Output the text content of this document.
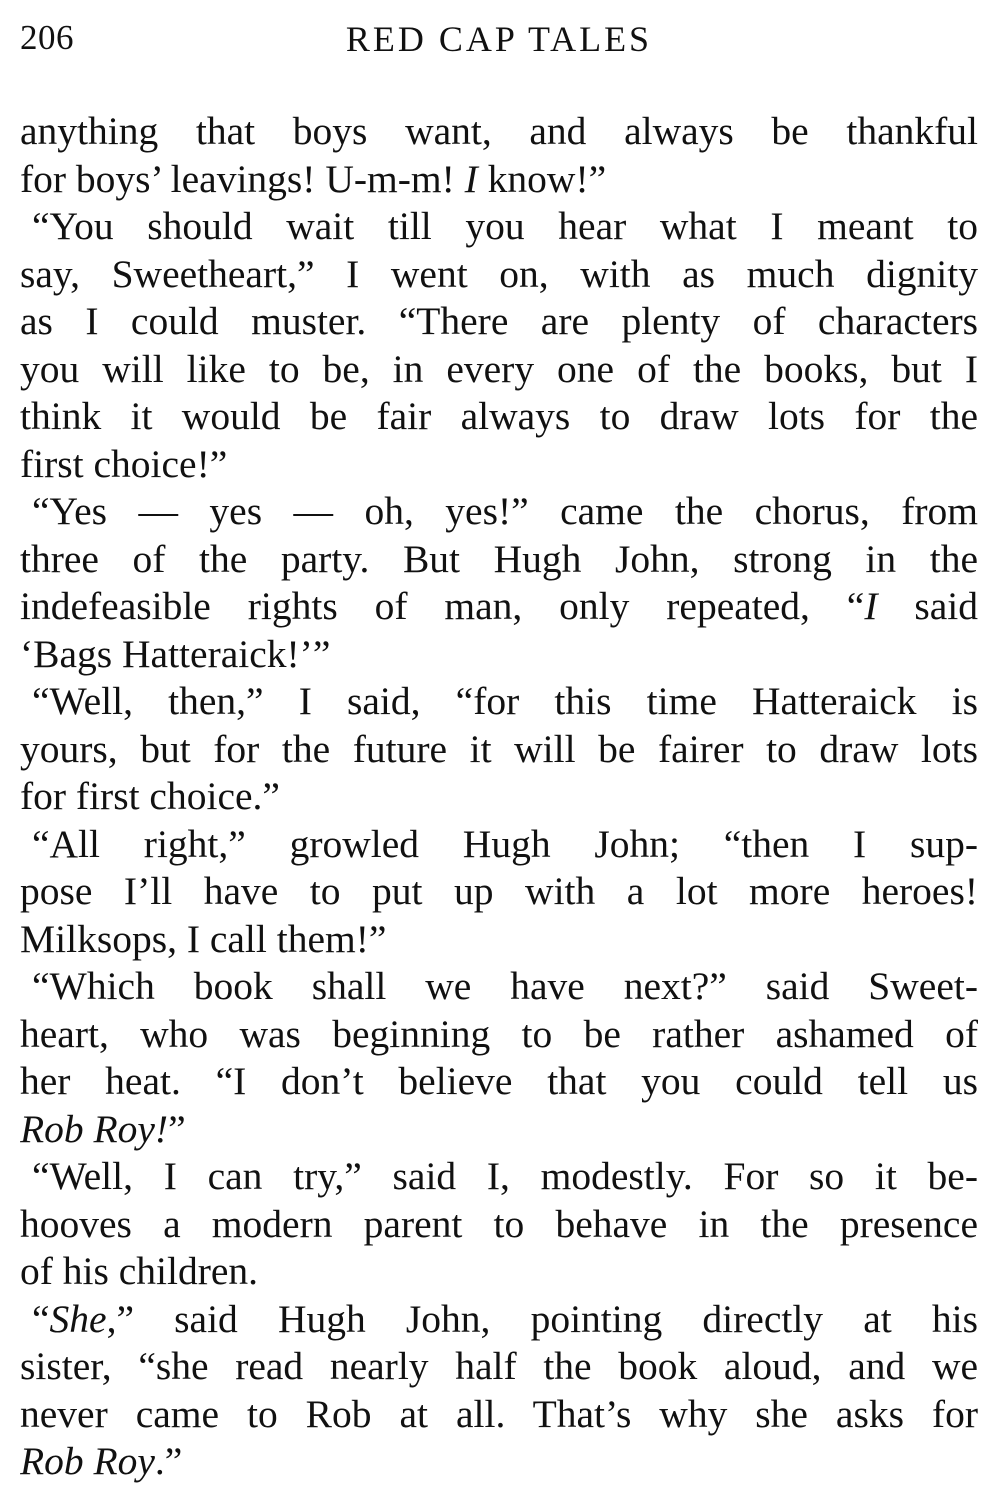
206	RED CAP TALES
anything that boys want, and always be thankful
for boys’ leavings! U-m-m! I know!”
“You should wait till you hear what I meant to
say, Sweetheart,” I went on, with as much dignity
as I could muster. “There are plenty of characters
you will like to be, in every one of the books, but I
think it would be fair always to draw lots for the
first choice!”
“Yes — yes — oh, yes!” came the chorus, from
three of the party. But Hugh John, strong in the
indefeasible rights of man, only repeated, “I said
‘Bags Hatteraick!’”
“Well, then,” I said, “for this time Hatteraick is
yours, but for the future it will be fairer to draw lots
for first choice.”
“All right,” growled Hugh John; “then I sup-
pose I’ll have to put up with a lot more heroes!
Milksops, I call them!”
“Which book shall we have next?” said Sweet-
heart, who was beginning to be rather ashamed of
her heat. “I don’t believe that you could tell us
Rob Roy!”
“Well, I can try,” said I, modestly. For so it be-
hooves a modern parent to behave in the presence
of his children.
“She,” said Hugh John, pointing directly at his
sister, “she read nearly half the book aloud, and we
never came to Rob at all. That’s why she asks for
Rob Roy.”
